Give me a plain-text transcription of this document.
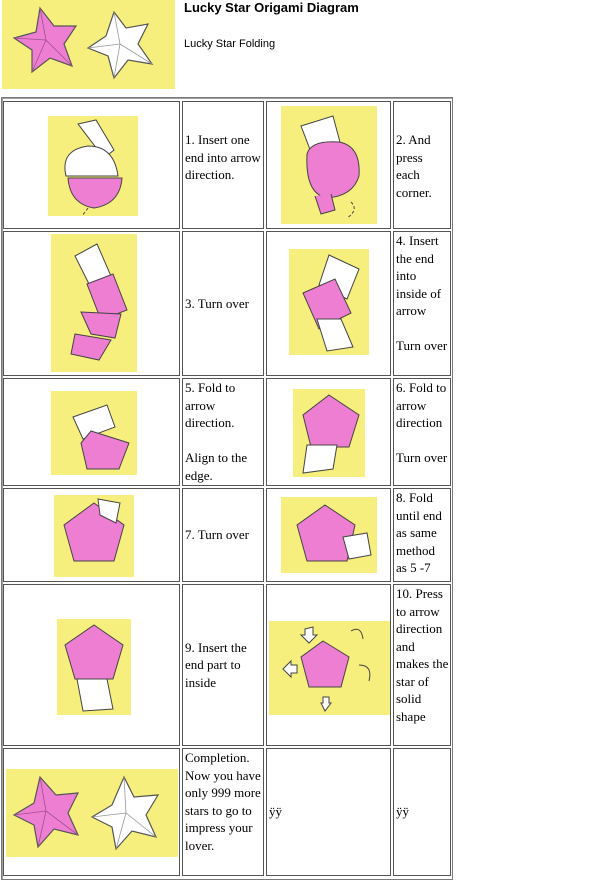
Lucky Star Origami Diagram
Lucky Star Folding
1. Insert one end into arrow direction.
2. And press each corner.
3. Turn over
4. Insert the end into inside of arrow
Turn over
5. Fold to arrow direction.
Align to the edge.
6. Fold to arrow direction
Turn over
7. Turn over
8. Fold until end as same method as 5 -7
9. Insert the end part to inside
10. Press to arrow direction and makes the star of solid shape
Completion. Now you have only 999 more stars to go to impress your lover.
ÿÿ	ÿÿ
